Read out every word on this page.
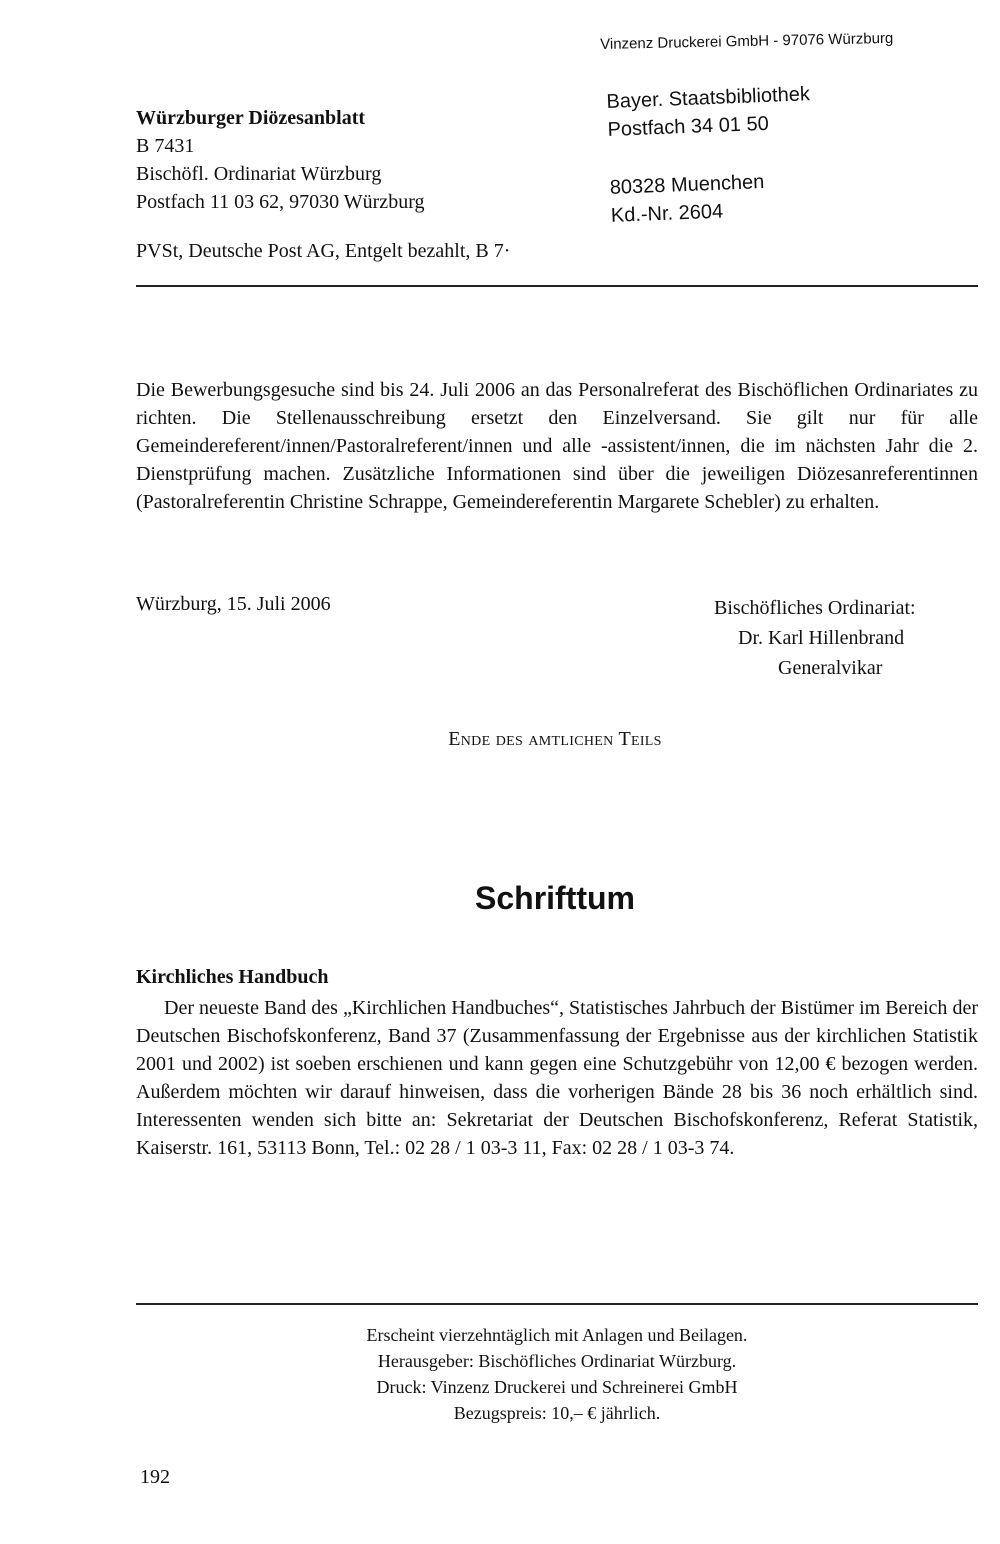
Vinzenz Druckerei GmbH - 97076 Würzburg
Würzburger Diözesanblatt
B 7431
Bischöfl. Ordinariat Würzburg
Postfach 11 03 62, 97030 Würzburg
Bayer. Staatsbibliothek
Postfach 34 01 50
80328 Muenchen
Kd.-Nr. 2604
PVSt, Deutsche Post AG, Entgelt bezahlt, B 7·
Die Bewerbungsgesuche sind bis 24. Juli 2006 an das Personalreferat des Bischöflichen Ordinariates zu richten. Die Stellenausschreibung ersetzt den Einzelversand. Sie gilt nur für alle Gemeindereferent/innen/Pastoralreferent/innen und alle -assistent/innen, die im nächsten Jahr die 2. Dienstprüfung machen. Zusätzliche Informationen sind über die jeweiligen Diözesanreferentinnen (Pastoralreferentin Christine Schrappe, Gemeindereferentin Margarete Schebler) zu erhalten.
Würzburg, 15. Juli 2006	Bischöfliches Ordinariat:
Dr. Karl Hillenbrand
Generalvikar
Ende des amtlichen Teils
Schrifttum
Kirchliches Handbuch
Der neueste Band des „Kirchlichen Handbuches“, Statistisches Jahrbuch der Bistümer im Bereich der Deutschen Bischofskonferenz, Band 37 (Zusammenfassung der Ergebnisse aus der kirchlichen Statistik 2001 und 2002) ist soeben erschienen und kann gegen eine Schutzgebühr von 12,00 € bezogen werden. Außerdem möchten wir darauf hinweisen, dass die vorherigen Bände 28 bis 36 noch erhältlich sind. Interessenten wenden sich bitte an: Sekretariat der Deutschen Bischofskonferenz, Referat Statistik, Kaiserstr. 161, 53113 Bonn, Tel.: 02 28 / 1 03-3 11, Fax: 02 28 / 1 03-3 74.
Erscheint vierzehntäglich mit Anlagen und Beilagen.
Herausgeber: Bischöfliches Ordinariat Würzburg.
Druck: Vinzenz Druckerei und Schreinerei GmbH
Bezugspreis: 10,– € jährlich.
192
